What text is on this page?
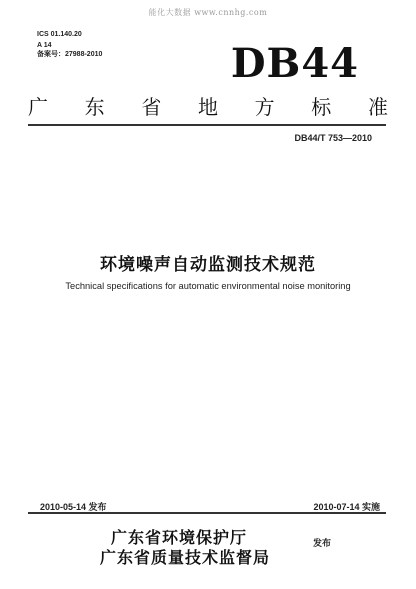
能化大数据 www.cnnhg.com
ICS 01.140.20
A 14
备案号：27988-2010	DB44
广 东 省 地 方 标 准
DB44/T 753—2010
环境噪声自动监测技术规范
Technical specifications for automatic environmental noise monitoring
2010-05-14 发布	2010-07-14 实施
广东省环境保护厅
广东省质量技术监督局
发布
